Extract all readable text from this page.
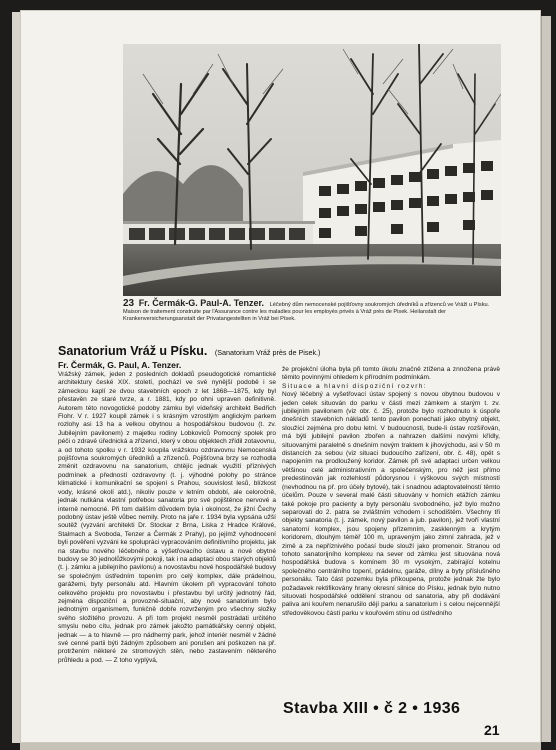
23 Fr. Čermák-G. Paul-A. Tenzer. Léčebný dům nemocenské pojišťovny soukromých úředníků a zřízenců ve Vráži u Písku. Maison de traitement construite par l'Assurance contre les maladies pour les employés privés à Vráž près de Pisek. Heilanstalt der Krankenversicherungsanstalt der Privatangestellten in Vráž bei Písek.
Sanatorium Vráž u Písku. (Sanatorium Vráž près de Pisek.)
Fr. Čermák, G. Paul, A. Tenzer.

Vrážský zámek, jeden z posledních dokladů pseudogotické romantické architektury české XIX. století, pochází ve své nynější podobě i se zámeckou kaplí ze dvou stavebních epoch z let 1868—1875, kdy byl přestavěn ze staré tvrze, a r. 1881, kdy po ohni upraven definitivně. Autorem této novogotické podoby zámku byl vídeňský architekt Bedřich Flohr. V r. 1927 koupil zámek i s krásným vzrostlým anglickým parkem rozlohy asi 13 ha a velkou obytnou a hospodářskou budovou (t. zv. Jubilejním pavilonem) z majetku rodiny Lobkoviců Pomocný spolek pro péči o zdravé úřednická a zřízenci, který v obou objektech zřídil zotavovnu, a od tohoto spolku v r. 1932 koupila vrážskou ozdravovnu Nemocenská pojišťovna soukromých úředníků a zřízenců. Pojišťovna brzy se rozhodla změnit ozdravovnu na sanatorium, chtějíc jednak využití příznivých podmínek a předností ozdravovny (t. j. výhodné polohy po stránce klimatické i komunikační se spojení s Prahou, souvislost lesů, blízkost vody, krásné okolí atd.), nikoliv pouze v letním období, ale celoročně, jednak nutkána vlastní potřebou sanatoria pro své pojištěnce nervové a interně nemocné. Při tom dališím důvodem byla i okolnost, že jižní Čechy podobný ústav ještě vůbec nemily. Proto na jaře r. 1934 byla vypsána užší soutěž (vyzváni architekti Dr. Stockar z Brna, Liska z Hradce Králové, Stalmach a Svoboda, Tenzer a Čermák z Prahy), po jejímž vyhodnocení byli pověřeni vyzváni ke spolupráci vypracováním definitivního projektu, jak na stavbu nového léčebného a výšetřovacího ústavu a nové obytné budovy se 30 jednolůžkovými pokoji, tak i na adaptaci obou starých objektů (t. j. zámku a jubilejního pavilonu) a novostavbu nové hospodářské budovy se společným ústředním topením pro celý komplex, dále prádelnou, garážemi, byty personálu atd. Hlavním úkolem při vypracování tohoto celkového projektu pro novostavbu i přestavbu byl určitý jednotný řád, zejména dispoziční a provozně-situační, aby nové sanatorium bylo jednotným organismem, funkčně dobře rozvrženým pro všechny složky svého složitého provozu. A při tom projekt nesměl postrádati určitého smyslu nebo cítu, jednak pro zámek jakožto památkářsky cenný objekt, jednak — a to hlavně — pro nádherný park, jehož interiér nesměl v žádné své cenné partii býti žádným způsobem ani porušen ani poškozen na př. protržením některé ze stromových stěn, nebo zastavením některého průhledu a pod. — Z toho vyplývá,

že projekční úloha byla při tomto úkolu značně ztížena a znnožena právě těmito povinnými ohledem k přírodním podmínkám.

Situace a hlavní dispoziční rozvrh:

Nový léčebný a vyšetřovací ústav spojený s novou obytnou budovou v jeden celek situován do parku v části mezi zámkem a starým t. zv. jubilejním pavilonem (viz obr. č. 25), protože bylo rozhodnuto k úspoře dnešních stavebních nákladů tento pavilon ponechati jako obytný objekt, sloužící zejména pro dobu letní. V budoucnosti, bude-li ústav rozšiřován, má býti jubilejní pavilon zbořen a nahrazen dalšími novými křídly, situovanými paralelně s dnešním novým traktem k jihovýchodu, asi v 50 m distancích za sebou (viz situaci budoucího zařízení, obr. č. 48), opět s napojením na prodloužený koridor. Zámek při své adaptaci určen velkou většinou celé administrativním a společenským, pro něž jest přímo predestinován jak rozlehlostí půdorysnou i výškovou svých místností (nevhodnou na př. pro účely bytové), tak i snadnou adaptovatelností těmto účelům. Pouze v several malé části situovány v horních etážích zámku také pokoje pro pacienty a byty personálu svobodného, jež bylo možno separovati do 2. patra se zvláštním vchodem i schodištěm. Všechny tři objekty sanatoria (t. j. zámek, nový pavilon a jub. pavilon), jež tvoří vlastní sanatorní komplex, jsou spojeny přízemním, zasklenným a krytým koridorem, dlouhým téměř 100 m, upraveným jako zimní zahrada, jež v zimě a za nepříznivého počasí bude slouží jako promenoir. Stranou od tohoto sanatorijního komplexu na sever od zámku jest situována nová hospodářská budova s komínem 30 m vysokým, zabírající kotelnu společného centrálního topení, prádelnu, garáže, dílny a byty příslušného personálu. Tato část pozemku byla příkoupena, protože jednak žte bylo požadavek rektifikovány hrany okresní silnice do Písku, jednak bylo nutno situovati hospodářské oddělení stranou od sanatoria, aby při dodávání paliva ani kouřem nenarušilo dějí parku a sanatorium i s celou nejcennější středověkovou částí parku v kouřovém stínu od ústředního

Stavba XIII • č 2 • 1936
21
